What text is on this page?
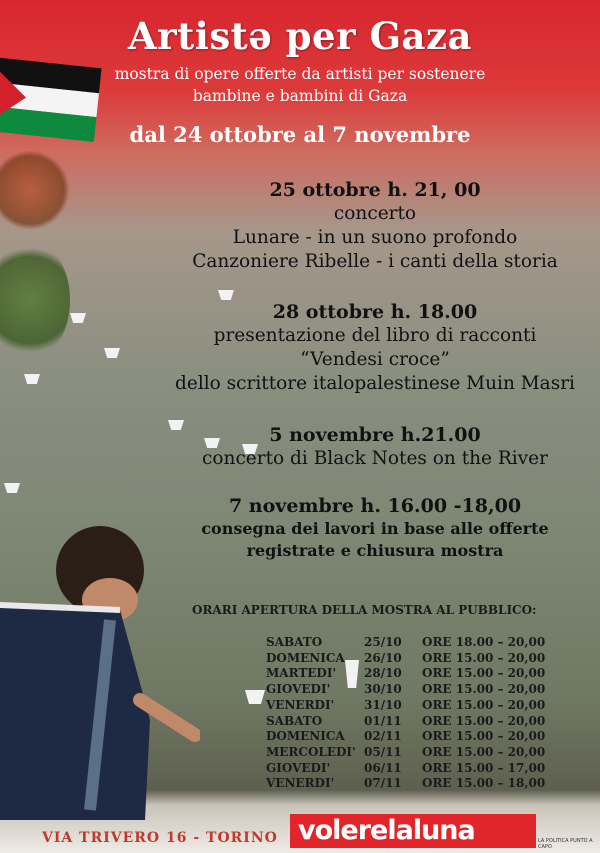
Artistə per Gaza
mostra di opere offerte da artisti per sostenere
bambine e bambini di Gaza
dal 24 ottobre al 7 novembre
25 ottobre h. 21, 00
concerto
Lunare - in un suono profondo
Canzoniere Ribelle - i canti della storia
28 ottobre h. 18.00
presentazione del libro di racconti
“Vendesi croce”
dello scrittore italopalestinese Muin Masri
5 novembre h.21.00
concerto di Black Notes on the River
7 novembre h. 16.00 -18,00
consegna dei lavori in base alle offerte
registrate e chiusura mostra
ORARI APERTURA DELLA MOSTRA AL PUBBLICO:
SABATO	25/10	ORE 18.00 – 20,00
DOMENICA	26/10	ORE 15.00 – 20,00
MARTEDI'	28/10	ORE 15.00 – 20,00
GIOVEDI'	30/10	ORE 15.00 – 20,00
VENERDI'	31/10	ORE 15.00 – 20,00
SABATO	01/11	ORE 15.00 – 20,00
DOMENICA	02/11	ORE 15.00 – 20,00
MERCOLEDI'	05/11	ORE 15.00 – 20,00
GIOVEDI'	06/11	ORE 15.00 – 17,00
VENERDI'	07/11	ORE 15.00 – 18,00
VIA TRIVERO 16 - TORINO volerelaluna	LA POLITICA PUNTO A CAPO
